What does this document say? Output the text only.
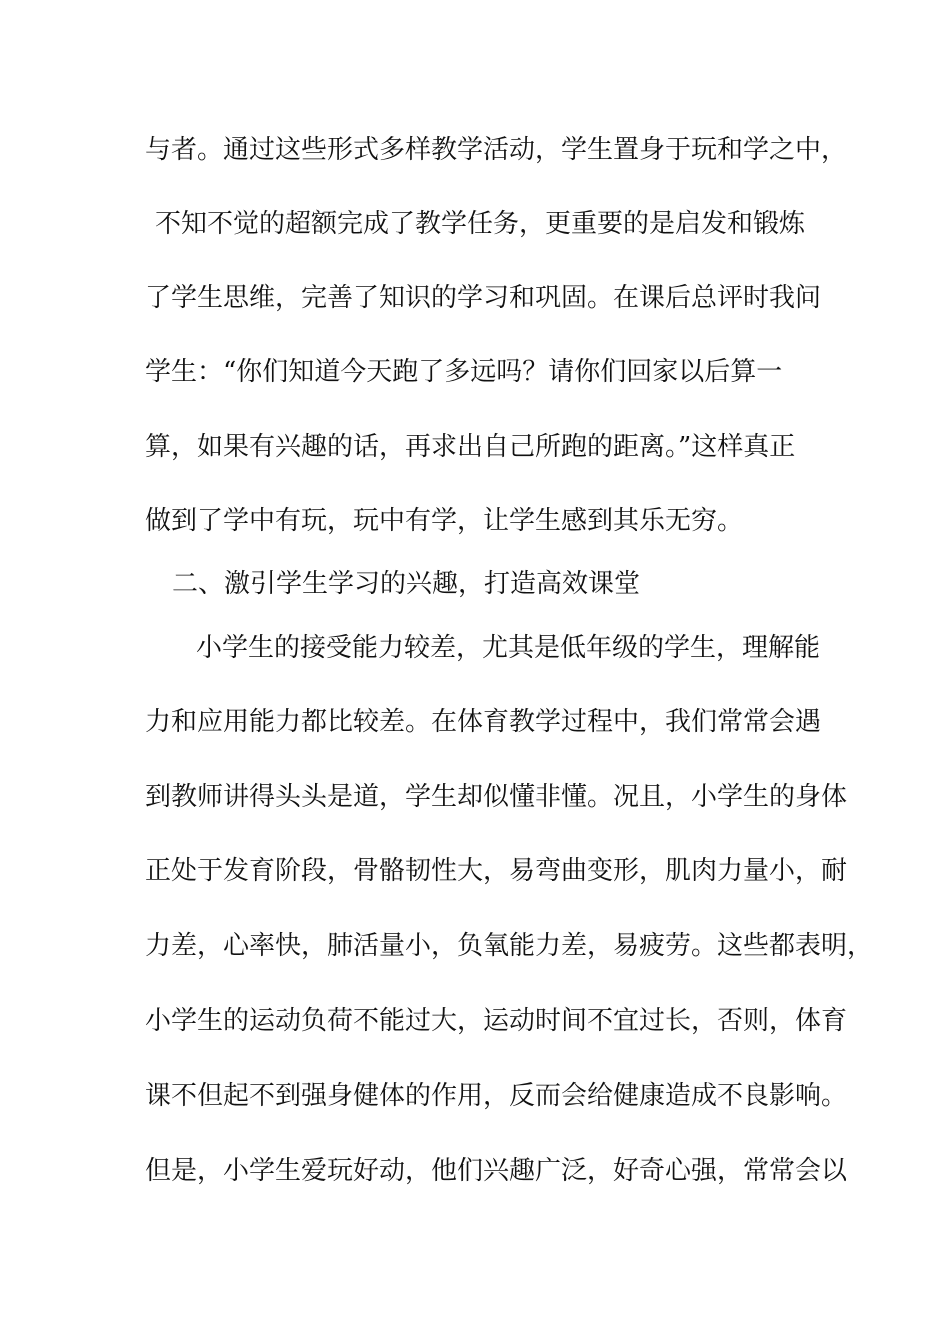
与者。通过这些形式多样教学活动，学生置身于玩和学之中，
不知不觉的超额完成了教学任务，更重要的是启发和锻炼
了学生思维，完善了知识的学习和巩固。在课后总评时我问
学生：“你们知道今天跑了多远吗？请你们回家以后算一
算，如果有兴趣的话，再求出自己所跑的距离。”这样真正
做到了学中有玩，玩中有学，让学生感到其乐无穷。
二、激引学生学习的兴趣，打造高效课堂
小学生的接受能力较差，尤其是低年级的学生，理解能
力和应用能力都比较差。在体育教学过程中，我们常常会遇
到教师讲得头头是道，学生却似懂非懂。况且，小学生的身体
正处于发育阶段，骨骼韧性大，易弯曲变形，肌肉力量小，耐
力差，心率快，肺活量小，负氧能力差，易疲劳。这些都表明，
小学生的运动负荷不能过大，运动时间不宜过长，否则，体育
课不但起不到强身健体的作用，反而会给健康造成不良影响。
但是，小学生爱玩好动，他们兴趣广泛，好奇心强，常常会以
